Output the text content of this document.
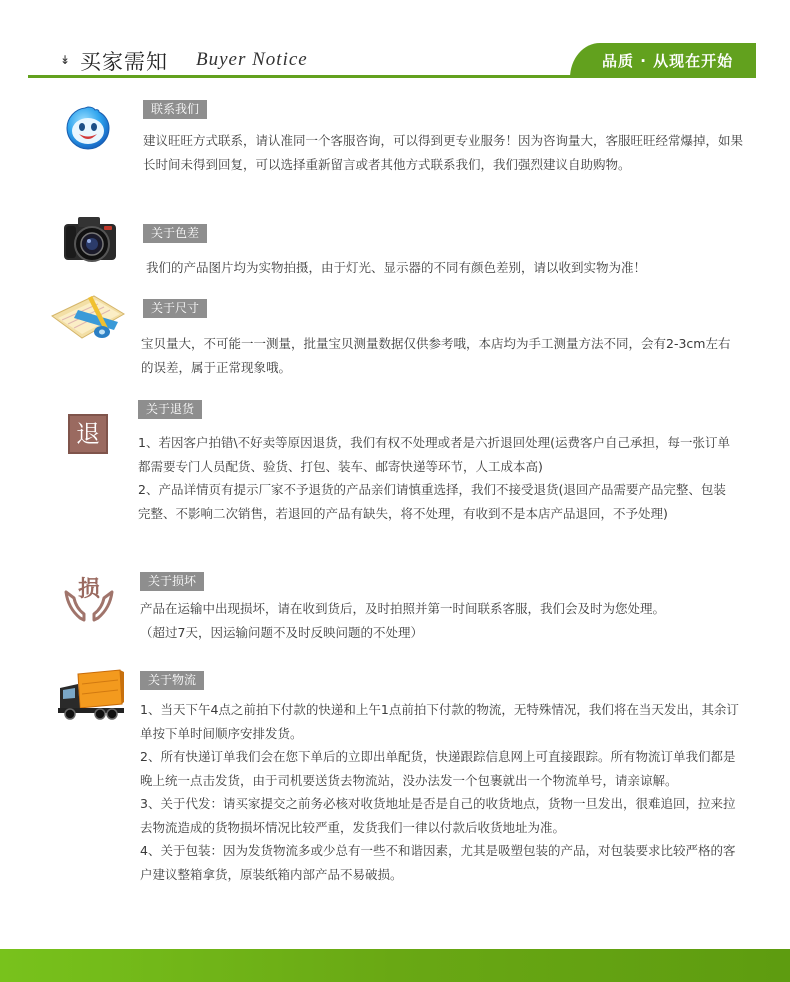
↡ 买家需知 Buyer Notice	品质 · 从现在开始
联系我们

建议旺旺方式联系，请认准同一个客服咨询，可以得到更专业服务！因为咨询量大，客服旺旺经常爆掉，如果长时间未得到回复，可以选择重新留言或者其他方式联系我们，我们强烈建议自助购物。

关于色差

我们的产品图片均为实物拍摄，由于灯光、显示器的不同有颜色差别，请以收到实物为准！

关于尺寸

宝贝量大，不可能一一测量，批量宝贝测量数据仅供参考哦，本店均为手工测量方法不同，会有2-3cm左右的误差，属于正常现象哦。

退
关于退货

1、若因客户拍错\不好卖等原因退货，我们有权不处理或者是六折退回处理(运费客户自己承担，每一张订单都需要专门人员配货、验货、打包、装车、邮寄快递等环节，人工成本高)

2、产品详情页有提示厂家不予退货的产品亲们请慎重选择，我们不接受退货(退回产品需要产品完整、包装完整、不影响二次销售，若退回的产品有缺失，将不处理，有收到不是本店产品退回，不予处理)

损	关于损坏

产品在运输中出现损坏，请在收到货后，及时拍照并第一时间联系客服，我们会及时为您处理。

（超过7天，因运输问题不及时反映问题的不处理）

关于物流

1、当天下午4点之前拍下付款的快递和上午1点前拍下付款的物流，无特殊情况，我们将在当天发出，其余订单按下单时间顺序安排发货。

2、所有快递订单我们会在您下单后的立即出单配货，快递跟踪信息网上可直接跟踪。所有物流订单我们都是晚上统一点击发货，由于司机要送货去物流站，没办法发一个包裹就出一个物流单号，请亲谅解。

3、关于代发：请买家提交之前务必核对收货地址是否是自己的收货地点，货物一旦发出，很难追回，拉来拉去物流造成的货物损坏情况比较严重，发货我们一律以付款后收货地址为准。

4、关于包装：因为发货物流多或少总有一些不和谐因素，尤其是吸塑包装的产品，对包装要求比较严格的客户建议整箱拿货，原装纸箱内部产品不易破损。
